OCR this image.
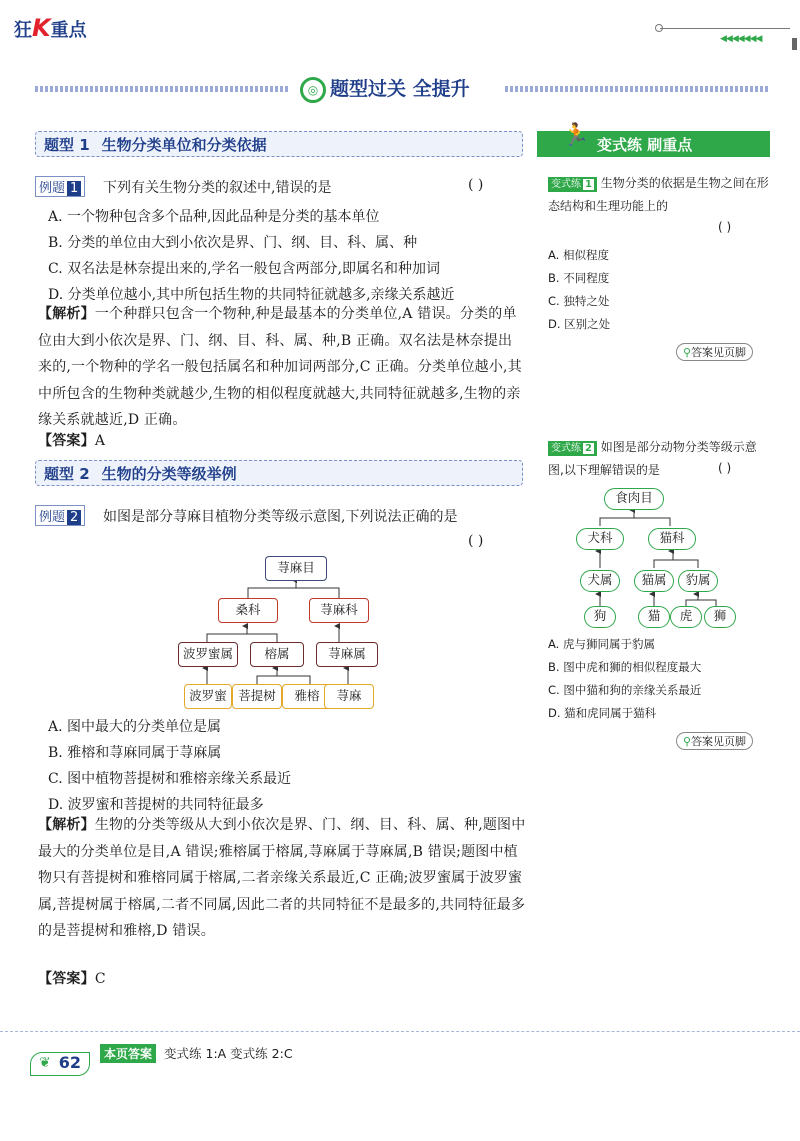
狂K重点	◀◀◀◀◀◀◀
◎ 题型过关 全提升
题型 1 生物分类单位和分类依据
例题 1	下列有关生物分类的叙述中,错误的是	( )
A. 一个物种包含多个品种,因此品种是分类的基本单位
B. 分类的单位由大到小依次是界、门、纲、目、科、属、种
C. 双名法是林奈提出来的,学名一般包含两部分,即属名和种加词
D. 分类单位越小,其中所包括生物的共同特征就越多,亲缘关系越近
【解析】一个种群只包含一个物种,种是最基本的分类单位,A 错误。分类的单位由大到小依次是界、门、纲、目、科、属、种,B 正确。双名法是林奈提出来的,一个物种的学名一般包括属名和种加词两部分,C 正确。分类单位越小,其中所包含的生物种类就越少,生物的相似程度就越大,共同特征就越多,生物的亲缘关系就越近,D 正确。
【答案】A
题型 2 生物的分类等级举例
例题 2	如图是部分荨麻目植物分类等级示意图,下列说法正确的是
( )
荨麻目
桑科	荨麻科
波罗蜜属	榕属	荨麻属
波罗蜜 菩提树	雅榕	荨麻
A. 图中最大的分类单位是属
B. 雅榕和荨麻同属于荨麻属
C. 图中植物菩提树和雅榕亲缘关系最近
D. 波罗蜜和菩提树的共同特征最多
【解析】生物的分类等级从大到小依次是界、门、纲、目、科、属、种,题图中最大的分类单位是目,A 错误;雅榕属于榕属,荨麻属于荨麻属,B 错误;题图中植物只有菩提树和雅榕同属于榕属,二者亲缘关系最近,C 正确;波罗蜜属于波罗蜜属,菩提树属于榕属,二者不同属,因此二者的共同特征不是最多的,共同特征最多的是菩提树和雅榕,D 错误。
【答案】C
变式练 刷重点
🏃
变式练 1 生物分类的依据是生物之间在形态结构和生理功能上的
( )
A. 相似程度
B. 不同程度
C. 独特之处
D. 区别之处
⚲答案见页脚
变式练 2 如图是部分动物分类等级示意图,以下理解错误的是	( )
食肉目
犬科	猫科
犬属	猫属	豹属
狗	猫	虎	狮
A. 虎与狮同属于豹属
B. 图中虎和狮的相似程度最大
C. 图中猫和狗的亲缘关系最近
D. 猫和虎同属于猫科
⚲答案见页脚
❦ 62	本页答案 变式练 1:A 变式练 2:C
